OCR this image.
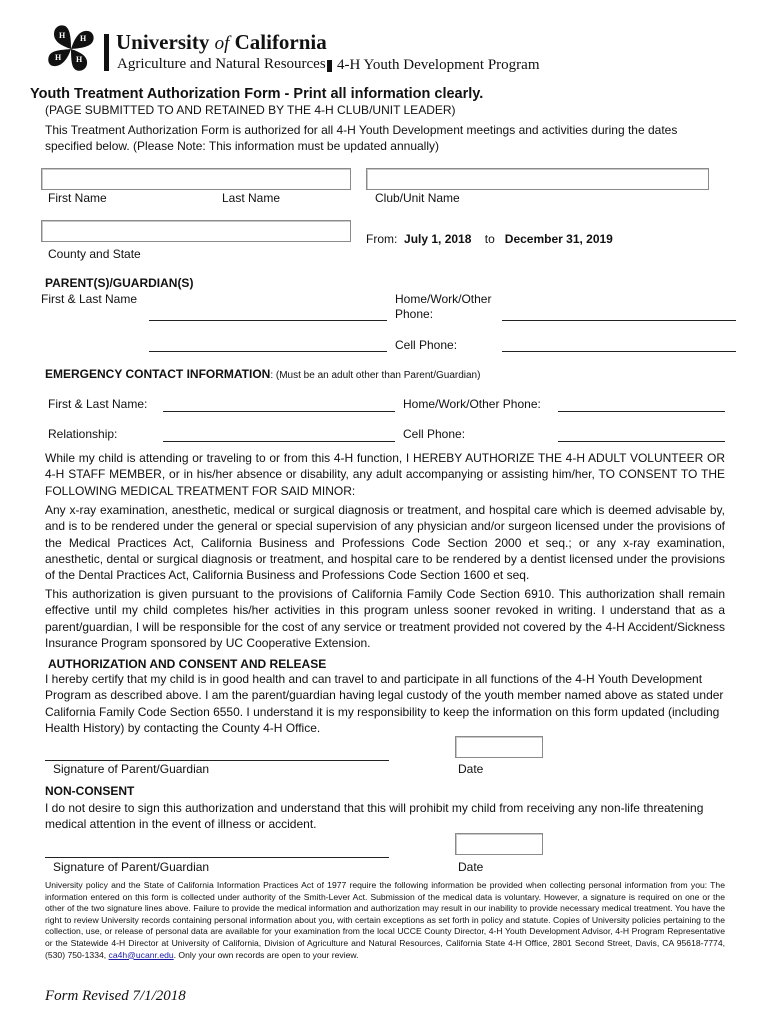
H H
H
H
University of California
Agriculture and Natural Resources 4-H Youth Development Program
Youth Treatment Authorization Form - Print all information clearly.
(PAGE SUBMITTED TO AND RETAINED BY THE 4-H CLUB/UNIT LEADER)
This Treatment Authorization Form is authorized for all 4-H Youth Development meetings and activities during the dates
specified below. (Please Note: This information must be updated annually)
First Name	Last Name	Club/Unit Name
County and State
From: July 1, 2018 to December 31, 2019
PARENT(S)/GUARDIAN(S)
First & Last Name	Home/Work/Other
Phone:
Cell Phone:
EMERGENCY CONTACT INFORMATION: (Must be an adult other than Parent/Guardian)
First & Last Name:	Home/Work/Other Phone:
Relationship:	Cell Phone:
While my child is attending or traveling to or from this 4-H function, I HEREBY AUTHORIZE THE 4-H ADULT VOLUNTEER OR 4-H STAFF MEMBER, or in his/her absence or disability, any adult accompanying or assisting him/her, TO CONSENT TO THE FOLLOWING MEDICAL TREATMENT FOR SAID MINOR:
Any x-ray examination, anesthetic, medical or surgical diagnosis or treatment, and hospital care which is deemed advisable by, and is to be rendered under the general or special supervision of any physician and/or surgeon licensed under the provisions of the Medical Practices Act, California Business and Professions Code Section 2000 et seq.; or any x-ray examination, anesthetic, dental or surgical diagnosis or treatment, and hospital care to be rendered by a dentist licensed under the provisions of the Dental Practices Act, California Business and Professions Code Section 1600 et seq.
This authorization is given pursuant to the provisions of California Family Code Section 6910. This authorization shall remain effective until my child completes his/her activities in this program unless sooner revoked in writing. I understand that as a parent/guardian, I will be responsible for the cost of any service or treatment provided not covered by the 4-H Accident/Sickness Insurance Program sponsored by UC Cooperative Extension.
AUTHORIZATION AND CONSENT AND RELEASE
I hereby certify that my child is in good health and can travel to and participate in all functions of the 4-H Youth Development Program as described above. I am the parent/guardian having legal custody of the youth member named above as stated under California Family Code Section 6550. I understand it is my responsibility to keep the information on this form updated (including Health History) by contacting the County 4-H Office.
Signature of Parent/Guardian	Date
NON-CONSENT
I do not desire to sign this authorization and understand that this will prohibit my child from receiving any non-life threatening medical attention in the event of illness or accident.
Signature of Parent/Guardian	Date
University policy and the State of California Information Practices Act of 1977 require the following information be provided when collecting personal information from you: The information entered on this form is collected under authority of the Smith-Lever Act. Submission of the medical data is voluntary. However, a signature is required on one or the other of the two signature lines above. Failure to provide the medical information and authorization may result in our inability to provide necessary medical treatment. You have the right to review University records containing personal information about you, with certain exceptions as set forth in policy and statute. Copies of University policies pertaining to the collection, use, or release of personal data are available for your examination from the local UCCE County Director, 4-H Youth Development Advisor, 4-H Program Representative or the Statewide 4-H Director at University of California, Division of Agriculture and Natural Resources, California State 4-H Office, 2801 Second Street, Davis, CA 95618-7774, (530) 750-1334, ca4h@ucanr.edu. Only your own records are open to your review.
Form Revised 7/1/2018
